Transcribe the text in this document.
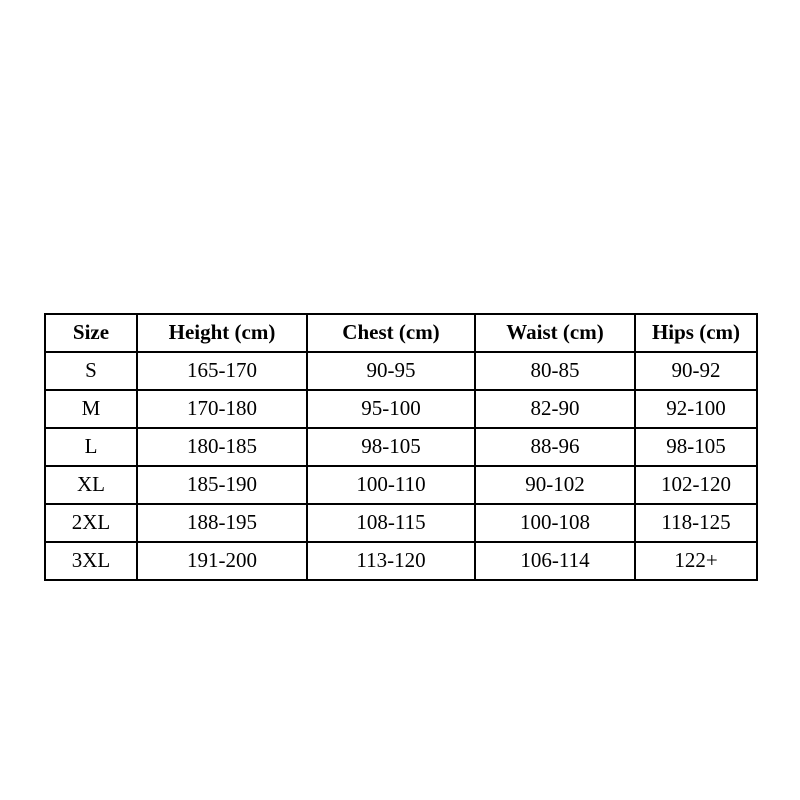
Size	Height (cm)	Chest (cm)	Waist (cm)	Hips (cm)
S	165-170	90-95	80-85	90-92
M	170-180	95-100	82-90	92-100
L	180-185	98-105	88-96	98-105
XL	185-190	100-110	90-102	102-120
2XL	188-195	108-115	100-108	118-125
3XL	191-200	113-120	106-114	122+
